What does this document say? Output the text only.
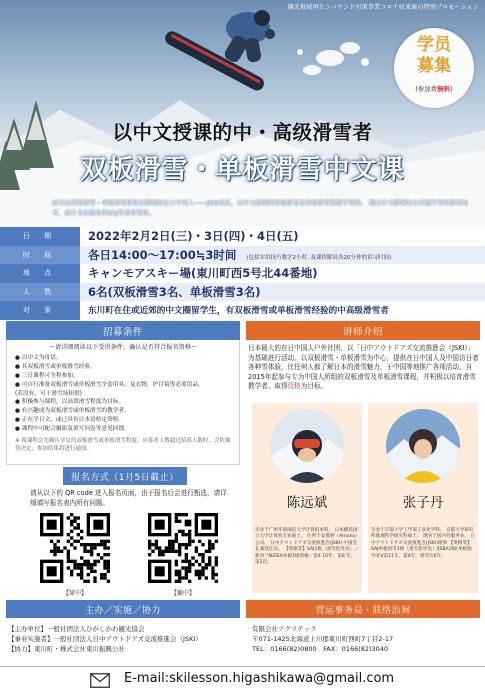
観光地域再生ンバウンド対策事業コロナ収束後の特別プロモーション
学员
募集
(参加费無料)
以中文授课的中・高级滑雪者
双板滑雪・单板滑雪中文课
由具有双板滑雪・单板滑雪指导员资格的在日中国人——JSKI成员，以中文授课的双板滑雪及单板滑雪集数学课程。 透过中文授课的方式提升你的滑雪技术，或计全员报取得SAJ等滑雪资格。
日 期	2022年2月2日(三)・3日(四)・4日(五)
时 间	各日14:00～17:00≒3时间 (包括实用技巧教学2小时, 及课程解说各20分钟的讲习时间)
地 点	キャンモアスキー場(東川町西5号北44番地)
人 数	6名(双板滑雪3名、单板滑雪3名)
对 象	东川町在住或近郊的中文圈留学生，有双板滑雪或单板滑雪经验的中高级滑雪者
招募条件
～请详细阅读以下受讲条件，确认是否符合报名资格～
● 以中文为母语。
● 具双板滑雪或单板滑雪经验。
● 三日课程可全程参加。
● 可自行准备双板滑雪或单板滑雪全套用具、及衣物，护目镜等必要用品。
(若没有，可于滑雪场租借)
● 积极参与课程，以高效滑雪程度为目标。
● 有兴趣成为双板滑雪或单板滑雪的教学者。
● 正在学日文、或已具有日本语检定资格。
● 课程中可配合摄影及填写问卷等意见回馈。
※ 视课程会先确认学员的双板滑雪或单板滑雪程度。应募者人数超过招募人数时，会依抽签决定，参加结果将进行通知。
报名方式（1月5日截止）
请从以下的 QR code 进入报名页面，由于报名后会进行甄选，请详细填写报名表内所有问题。
【简中】	【繁中】
讲师介绍
日本最大的在日中国人户外社团，以「日中アウトドアズ交流推進会（JSKI）」为基础进行活动。以双板滑雪・单板滑雪为中心，提供在日中国人及中国访日者各种雪体验，比任何人都了解日本的滑雪魅力，于中国等地推广各项活动，自2015年起参与专为中国人所组的双板滑雪及单板滑雪课程，并积极以培育滑雪教学者、取得资格为目标。
陈远斌
毕业于广州华南师范大学计算机本科。 日本横浜国立大学计算机专业硕士。 住所于安曇野（Amano）公司。 日中アウトドアズ交流推進会(JSKI) 中国会长兼选任员。 【资格等】SAJ1级（滑雪指导员）／ 新西兰NZSIA单板1级资格／第4 10年、第8 年，第2次。
张子丹
毕业于京都大学工学部工业化学科。 京都大学研究所地理科学研究科硕士。 现居于国内外服务业。 日中アウトドアズ交流推進会(JSKI)理事 【资格等】SAJ单板滑雪1级（滑雪指导员）/JSBA1级(单板指导者)/第11年，第4年，滑雪历6年。
主办／实施／协力	营运事务局・联络治询
【主办单位】一般社团法人ひがしかわ観光協会
【事业实施者】一般社団法人日中アウトドアズ交流推進会（JSKI）
【协力】東川町・株式会社東川振興公社
有限会社アグリテック
〒071-1425北海道上川郡東川町西町7丁目2-17
TEL：0166(82)0800　FAX：0166(82)3040
E-mail:skilesson.higashikawa@gmail.com
